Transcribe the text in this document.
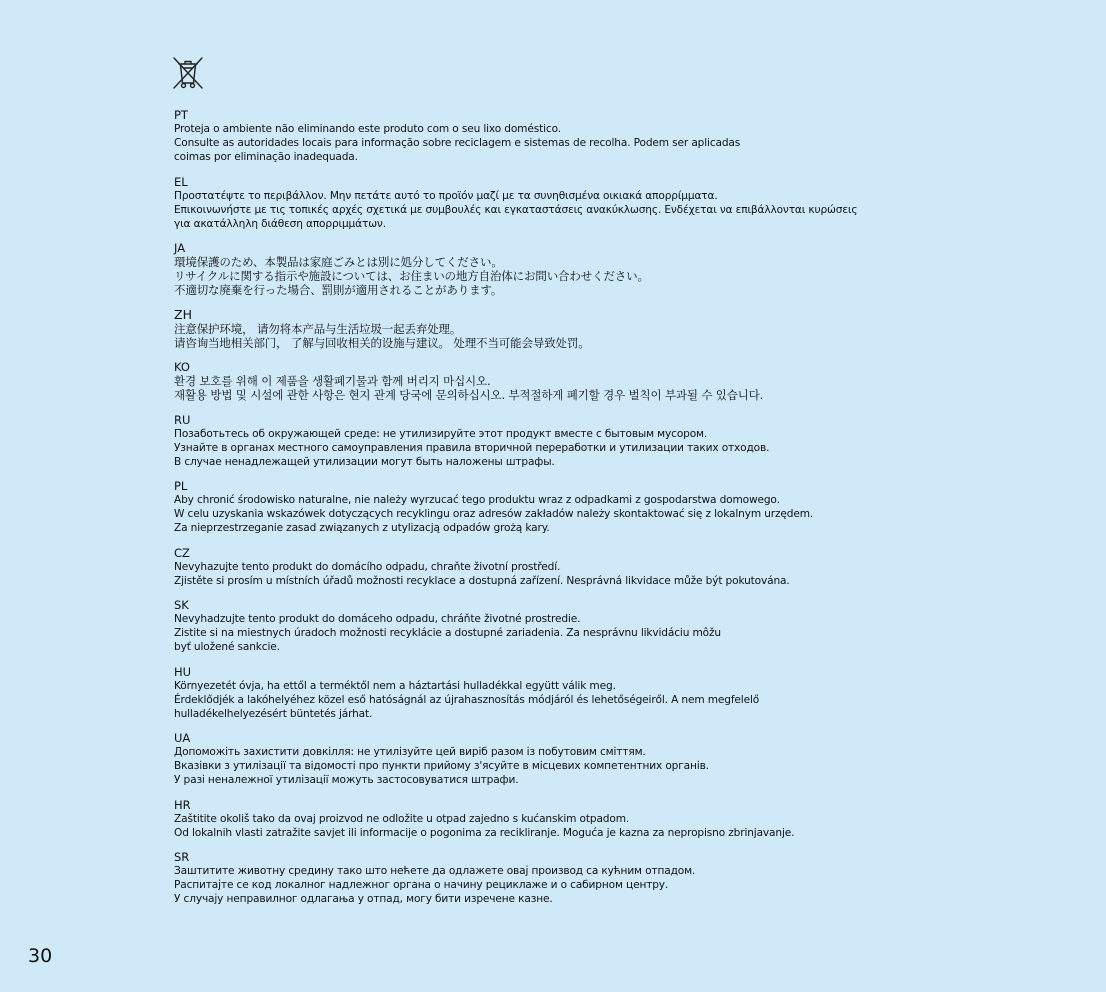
PT
Proteja o ambiente não eliminando este produto com o seu lixo doméstico.
Consulte as autoridades locais para informação sobre reciclagem e sistemas de recolha. Podem ser aplicadas
coimas por eliminação inadequada.
EL
Προστατέψτε το περιβάλλον. Μην πετάτε αυτό το προϊόν μαζί με τα συνηθισμένα οικιακά απορρίμματα.
Επικοινωνήστε με τις τοπικές αρχές σχετικά με συμβουλές και εγκαταστάσεις ανακύκλωσης. Ενδέχεται να επιβάλλονται κυρώσεις
για ακατάλληλη διάθεση απορριμμάτων.
JA
環境保護のため、本製品は家庭ごみとは別に処分してください。
リサイクルに関する指示や施設については、お住まいの地方自治体にお問い合わせください。
不適切な廃棄を行った場合、罰則が適用されることがあります。
ZH
注意保护环境， 请勿将本产品与生活垃圾一起丢弃处理。
请咨询当地相关部门， 了解与回收相关的设施与建议。 处理不当可能会导致处罚。
KO
환경 보호를 위해 이 제품을 생활폐기물과 함께 버리지 마십시오.
재활용 방법 및 시설에 관한 사항은 현지 관계 당국에 문의하십시오. 부적절하게 폐기할 경우 벌칙이 부과될 수 있습니다.
RU
Позаботьтесь об окружающей среде: не утилизируйте этот продукт вместе с бытовым мусором.
Узнайте в органах местного самоуправления правила вторичной переработки и утилизации таких отходов.
В случае ненадлежащей утилизации могут быть наложены штрафы.
PL
Aby chronić środowisko naturalne, nie należy wyrzucać tego produktu wraz z odpadkami z gospodarstwa domowego.
W celu uzyskania wskazówek dotyczących recyklingu oraz adresów zakładów należy skontaktować się z lokalnym urzędem.
Za nieprzestrzeganie zasad związanych z utylizacją odpadów grożą kary.
CZ
Nevyhazujte tento produkt do domácího odpadu, chraňte životní prostředí.
Zjistěte si prosím u místních úřadů možnosti recyklace a dostupná zařízení. Nesprávná likvidace může být pokutována.
SK
Nevyhadzujte tento produkt do domáceho odpadu, chráňte životné prostredie.
Zistite si na miestnych úradoch možnosti recyklácie a dostupné zariadenia. Za nesprávnu likvidáciu môžu
byť uložené sankcie.
HU
Környezetét óvja, ha ettől a terméktől nem a háztartási hulladékkal együtt válik meg.
Érdeklődjék a lakóhelyéhez közel eső hatóságnál az újrahasznosítás módjáról és lehetőségeiről. A nem megfelelő
hulladékelhelyezésért büntetés járhat.
UA
Допоможіть захистити довкілля: не утилізуйте цей виріб разом із побутовим сміттям.
Вказівки з утилізації та відомості про пункти прийому з'ясуйте в місцевих компетентних органів.
У разі неналежної утилізації можуть застосовуватися штрафи.
HR
Zaštitite okoliš tako da ovaj proizvod ne odložite u otpad zajedno s kućanskim otpadom.
Od lokalnih vlasti zatražite savjet ili informacije o pogonima za recikliranje. Moguća je kazna za nepropisno zbrinjavanje.
SR
Заштитите животну средину тако што нећете да одлажете овај производ са кућним отпадом.
Распитајте се код локалног надлежног органа о начину рециклаже и о сабирном центру.
У случају неправилног одлагања у отпад, могу бити изречене казне.
30
